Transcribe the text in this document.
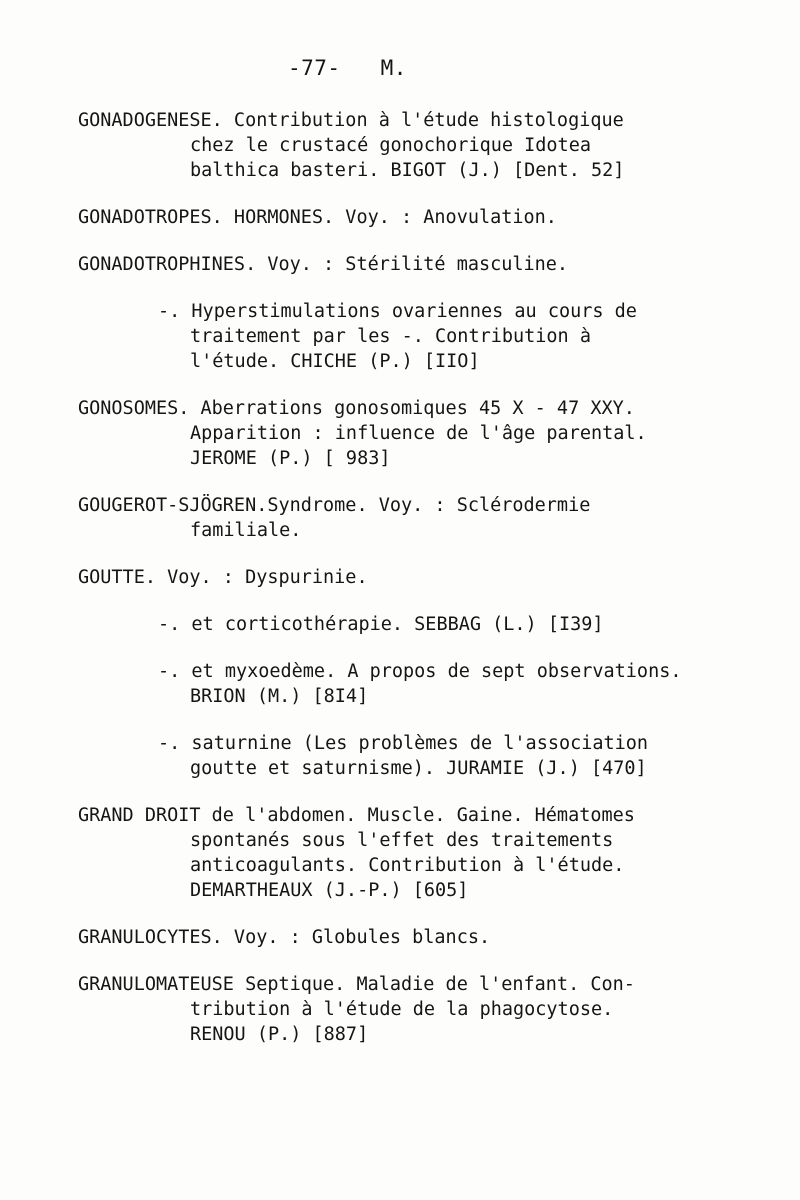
-77- M.
GONADOGENESE. Contribution à l'étude histologique
chez le crustacé gonochorique Idotea
balthica basteri. BIGOT (J.) [Dent. 52]
GONADOTROPES. HORMONES. Voy. : Anovulation.
GONADOTROPHINES. Voy. : Stérilité masculine.
-. Hyperstimulations ovariennes au cours de
traitement par les -. Contribution à
l'étude. CHICHE (P.) [IIO]
GONOSOMES. Aberrations gonosomiques 45 X - 47 XXY.
Apparition : influence de l'âge parental.
JEROME (P.) [ 983]
GOUGEROT-SJÖGREN.Syndrome. Voy. : Sclérodermie
familiale.
GOUTTE. Voy. : Dyspurinie.
-. et corticothérapie. SEBBAG (L.) [I39]
-. et myxoedème. A propos de sept observations.
BRION (M.) [8I4]
-. saturnine (Les problèmes de l'association
goutte et saturnisme). JURAMIE (J.) [470]
GRAND DROIT de l'abdomen. Muscle. Gaine. Hématomes
spontanés sous l'effet des traitements
anticoagulants. Contribution à l'étude.
DEMARTHEAUX (J.-P.) [605]
GRANULOCYTES. Voy. : Globules blancs.
GRANULOMATEUSE Septique. Maladie de l'enfant. Con-
tribution à l'étude de la phagocytose.
RENOU (P.) [887]
